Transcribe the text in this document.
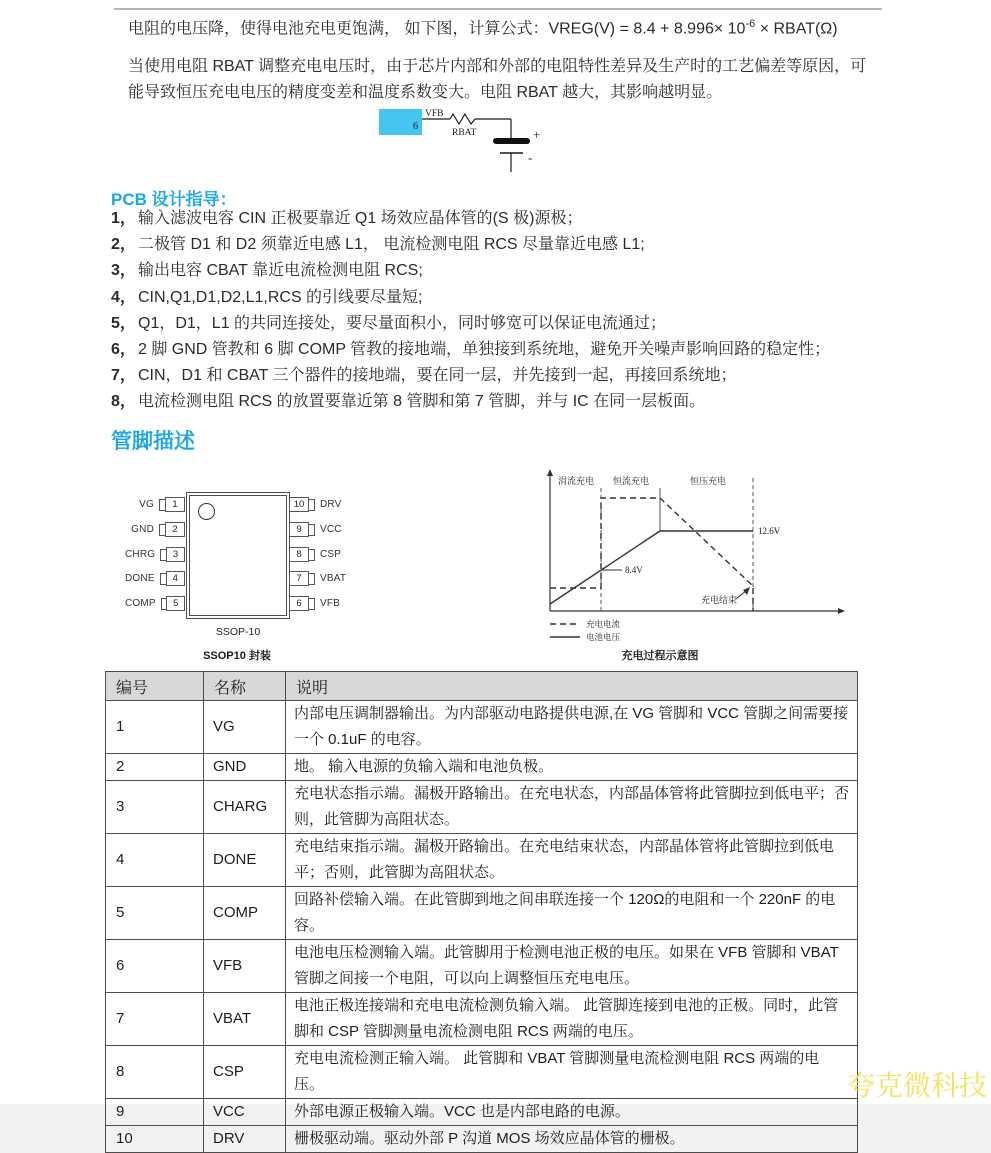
电阻的电压降，使得电池充电更饱满， 如下图，计算公式：VREG(V) = $8.4 + 8.996\times 10^{-6}$ × RBAT(Ω)
当使用电阻 RBAT 调整充电电压时，由于芯片内部和外部的电阻特性差异及生产时的工艺偏差等原因，可能导致恒压充电电压的精度变差和温度系数变大。电阻 RBAT 越大，其影响越明显。
6
VFB
RBAT	+
-
PCB 设计指导：
1， 输入滤波电容 CIN 正极要靠近 Q1 场效应晶体管的(S 极)源极；
2， 二极管 D1 和 D2 须靠近电感 L1， 电流检测电阻 RCS 尽量靠近电感 L1;
3， 输出电容 CBAT 靠近电流检测电阻 RCS;
4， CIN,Q1,D1,D2,L1,RCS 的引线要尽量短;
5， Q1，D1，L1 的共同连接处，要尽量面积小，同时够宽可以保证电流通过；
6， 2 脚 GND 管教和 6 脚 COMP 管教的接地端，单独接到系统地，避免开关噪声影响回路的稳定性；
7， CIN，D1 和 CBAT 三个器件的接地端，要在同一层，并先接到一起，再接回系统地；
8， 电流检测电阻 RCS 的放置要靠近第 8 管脚和第 7 管脚，并与 IC 在同一层板面。
管脚描述
SSOP-10
VG	1
GND	2
CHRG	3
DONE	4
COMP	5
10	DRV
9	VCC
8	CSP
7	VBAT
6	VFB
涓流充电 恒流充电	恒压充电
8.4V
12.6V
充电结束
充电电流
电池电压
SSOP10 封装	充电过程示意图
编号	名称	说明
1	VG	内部电压调制器输出。为内部驱动电路提供电源,在 VG 管脚和 VCC 管脚之间需要接一个 0.1uF 的电容。
2	GND	地。 输入电源的负输入端和电池负极。
3	CHARG	充电状态指示端。漏极开路输出。在充电状态，内部晶体管将此管脚拉到低电平；否则，此管脚为高阻状态。
4	DONE	充电结束指示端。漏极开路输出。在充电结束状态，内部晶体管将此管脚拉到低电平；否则，此管脚为高阻状态。
5	COMP	回路补偿输入端。在此管脚到地之间串联连接一个 120Ω的电阻和一个 220nF 的电容。
6	VFB	电池电压检测输入端。此管脚用于检测电池正极的电压。如果在 VFB 管脚和 VBAT 管脚之间接一个电阻，可以向上调整恒压充电电压。
7	VBAT	电池正极连接端和充电电流检测负输入端。 此管脚连接到电池的正极。同时，此管脚和 CSP 管脚测量电流检测电阻 RCS 两端的电压。
8	CSP	充电电流检测正输入端。 此管脚和 VBAT 管脚测量电流检测电阻 RCS 两端的电压。
9	VCC	外部电源正极输入端。VCC 也是内部电路的电源。
10	DRV	栅极驱动端。驱动外部 P 沟道 MOS 场效应晶体管的栅极。
夸克微科技
